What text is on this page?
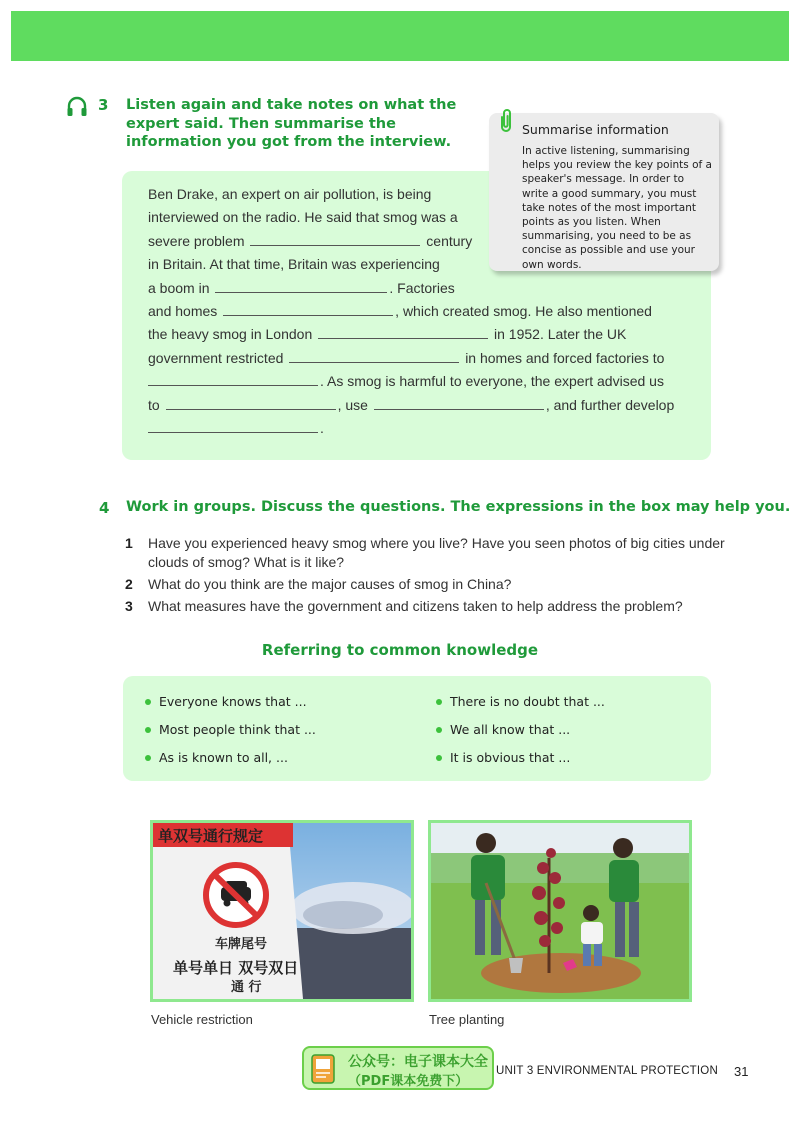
3 Listen again and take notes on what the expert said. Then summarise the information you got from the interview.
Ben Drake, an expert on air pollution, is being
interviewed on the radio. He said that smog was a
severe problem	century
in Britain. At that time, Britain was experiencing
a boom in	. Factories
and homes	, which created smog. He also mentioned
the heavy smog in London	in 1952. Later the UK
government restricted	in homes and forced factories to
. As smog is harmful to everyone, the expert advised us
to	, use	, and further develop
.
Summarise information
In active listening, summarising helps you review the key points of a speaker's message. In order to write a good summary, you must take notes of the most important points as you listen. When summarising, you need to be as concise as possible and use your own words.
4 Work in groups. Discuss the questions. The expressions in the box may help you.
1 Have you experienced heavy smog where you live? Have you seen photos of big cities under clouds of smog? What is it like?
2 What do you think are the major causes of smog in China?
3 What measures have the government and citizens taken to help address the problem?
Referring to common knowledge
Everyone knows that ...
Most people think that ...
As is known to all, ...
There is no doubt that ...
We all know that ...
It is obvious that ...
单双号通行规定
车牌尾号
单号单日 双号双日
通 行
Vehicle restriction	Tree planting
公众号：电子课本大全
（PDF课本免费下）
UNIT 3 ENVIRONMENTAL PROTECTION 31
